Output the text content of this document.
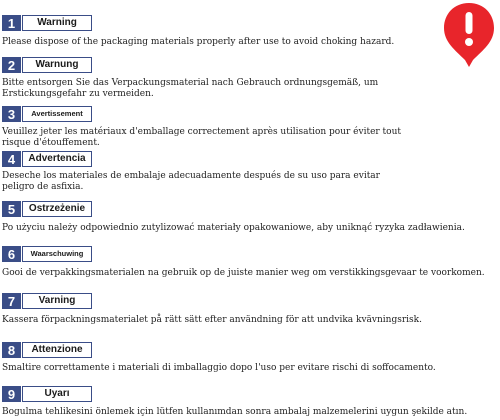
1	Warning
Please dispose of the packaging materials properly after use to avoid choking hazard.
2	Warnung
Bitte entsorgen Sie das Verpackungsmaterial nach Gebrauch ordnungsgemäß, um Erstickungsgefahr zu vermeiden.
3	Avertissement
Veuillez jeter les matériaux d'emballage correctement après utilisation pour éviter tout risque d'étouffement.
4	Advertencia
Deseche los materiales de embalaje adecuadamente después de su uso para evitar peligro de asfixia.
5	Ostrzeżenie
Po użyciu należy odpowiednio zutylizować materiały opakowaniowe, aby uniknąć ryzyka zadławienia.
6	Waarschuwing
Gooi de verpakkingsmaterialen na gebruik op de juiste manier weg om verstikkingsgevaar te voorkomen.
7	Varning
Kassera förpackningsmaterialet på rätt sätt efter användning för att undvika kvävningsrisk.
8	Attenzione
Smaltire correttamente i materiali di imballaggio dopo l'uso per evitare rischi di soffocamento.
9	Uyarı
Bogulma tehlikesini önlemek için lütfen kullanımdan sonra ambalaj malzemelerini uygun şekilde atın.
